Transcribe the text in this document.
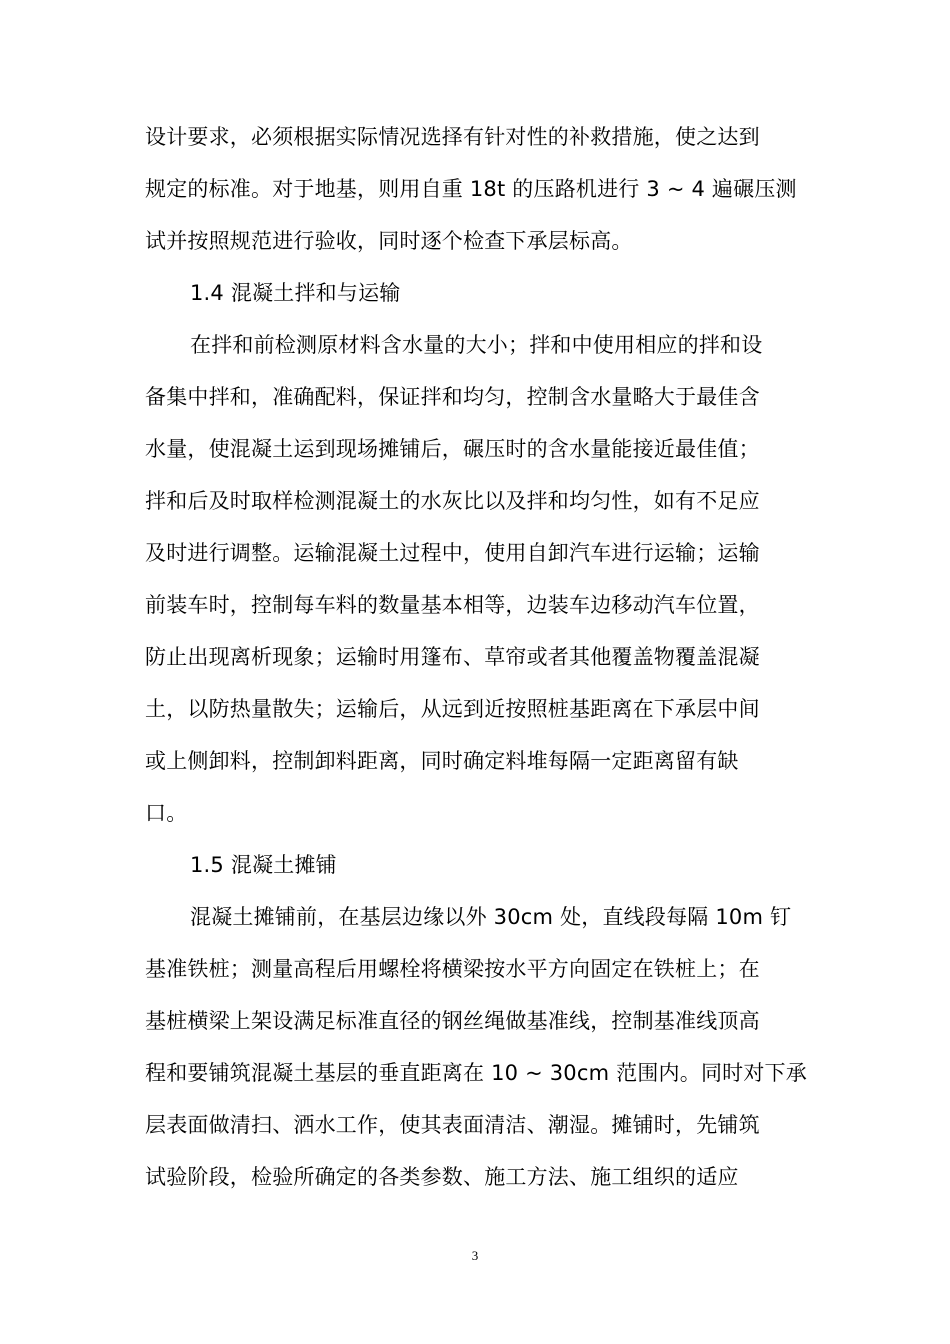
设计要求，必须根据实际情况选择有针对性的补救措施，使之达到
规定的标准。对于地基，则用自重 18t 的压路机进行 3 ~ 4 遍碾压测
试并按照规范进行验收，同时逐个检查下承层标高。
1.4 混凝土拌和与运输
在拌和前检测原材料含水量的大小；拌和中使用相应的拌和设
备集中拌和，准确配料，保证拌和均匀，控制含水量略大于最佳含
水量，使混凝土运到现场摊铺后，碾压时的含水量能接近最佳值；
拌和后及时取样检测混凝土的水灰比以及拌和均匀性，如有不足应
及时进行调整。运输混凝土过程中，使用自卸汽车进行运输；运输
前装车时，控制每车料的数量基本相等，边装车边移动汽车位置，
防止出现离析现象；运输时用篷布、草帘或者其他覆盖物覆盖混凝
土，以防热量散失；运输后，从远到近按照桩基距离在下承层中间
或上侧卸料，控制卸料距离，同时确定料堆每隔一定距离留有缺
口。
1.5 混凝土摊铺
混凝土摊铺前，在基层边缘以外 30cm 处，直线段每隔 10m 钉
基准铁桩；测量高程后用螺栓将横梁按水平方向固定在铁桩上；在
基桩横梁上架设满足标准直径的钢丝绳做基准线，控制基准线顶高
程和要铺筑混凝土基层的垂直距离在 10 ~ 30cm 范围内。同时对下承
层表面做清扫、洒水工作，使其表面清洁、潮湿。摊铺时，先铺筑
试验阶段，检验所确定的各类参数、施工方法、施工组织的适应
3
